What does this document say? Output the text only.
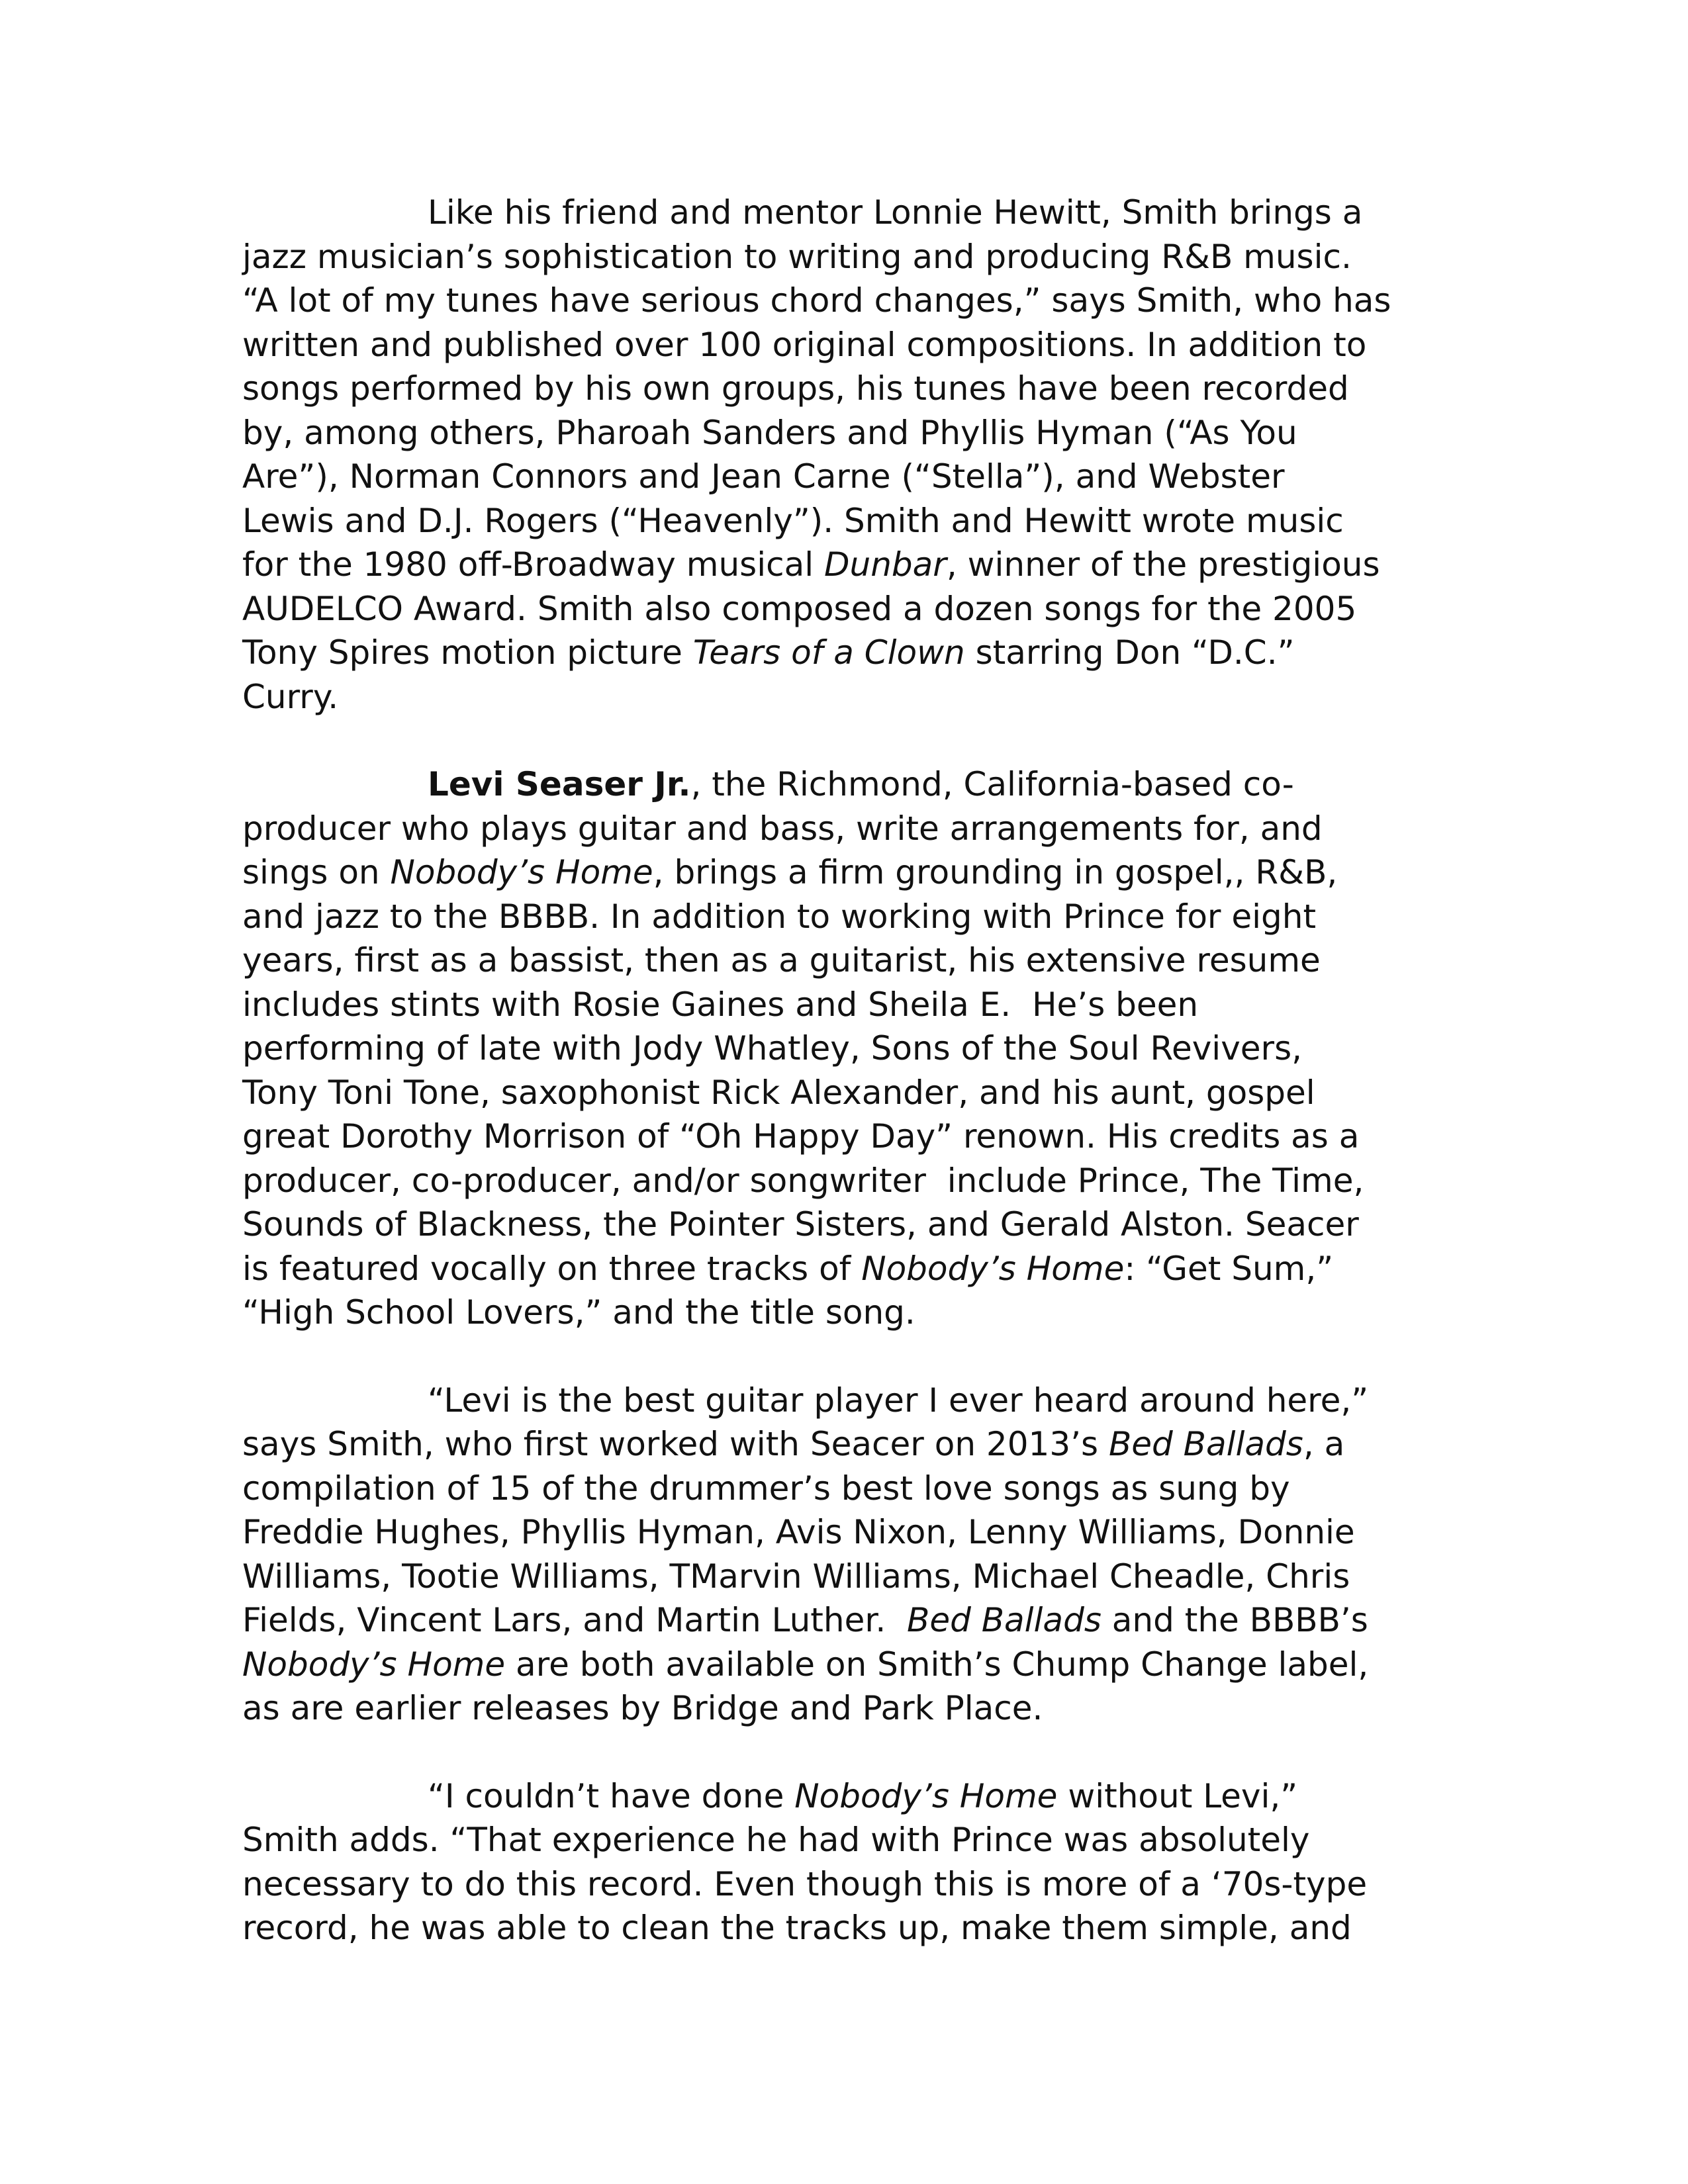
Like his friend and mentor Lonnie Hewitt, Smith brings a
jazz musician’s sophistication to writing and producing R&B music.
“A lot of my tunes have serious chord changes,” says Smith, who has
written and published over 100 original compositions. In addition to
songs performed by his own groups, his tunes have been recorded
by, among others, Pharoah Sanders and Phyllis Hyman (“As You
Are”), Norman Connors and Jean Carne (“Stella”), and Webster
Lewis and D.J. Rogers (“Heavenly”). Smith and Hewitt wrote music
for the 1980 off-Broadway musical Dunbar, winner of the prestigious
AUDELCO Award. Smith also composed a dozen songs for the 2005
Tony Spires motion picture Tears of a Clown starring Don “D.C.”
Curry.
Levi Seaser Jr., the Richmond, California-based co-
producer who plays guitar and bass, write arrangements for, and
sings on Nobody’s Home, brings a firm grounding in gospel,, R&B,
and jazz to the BBBB. In addition to working with Prince for eight
years, first as a bassist, then as a guitarist, his extensive resume
includes stints with Rosie Gaines and Sheila E.  He’s been
performing of late with Jody Whatley, Sons of the Soul Revivers,
Tony Toni Tone, saxophonist Rick Alexander, and his aunt, gospel
great Dorothy Morrison of “Oh Happy Day” renown. His credits as a
producer, co-producer, and/or songwriter  include Prince, The Time,
Sounds of Blackness, the Pointer Sisters, and Gerald Alston. Seacer
is featured vocally on three tracks of Nobody’s Home: “Get Sum,”
“High School Lovers,” and the title song.
“Levi is the best guitar player I ever heard around here,”
says Smith, who first worked with Seacer on 2013’s Bed Ballads, a
compilation of 15 of the drummer’s best love songs as sung by
Freddie Hughes, Phyllis Hyman, Avis Nixon, Lenny Williams, Donnie
Williams, Tootie Williams, TMarvin Williams, Michael Cheadle, Chris
Fields, Vincent Lars, and Martin Luther.  Bed Ballads and the BBBB’s
Nobody’s Home are both available on Smith’s Chump Change label,
as are earlier releases by Bridge and Park Place.
“I couldn’t have done Nobody’s Home without Levi,”
Smith adds. “That experience he had with Prince was absolutely
necessary to do this record. Even though this is more of a ‘70s-type
record, he was able to clean the tracks up, make them simple, and
